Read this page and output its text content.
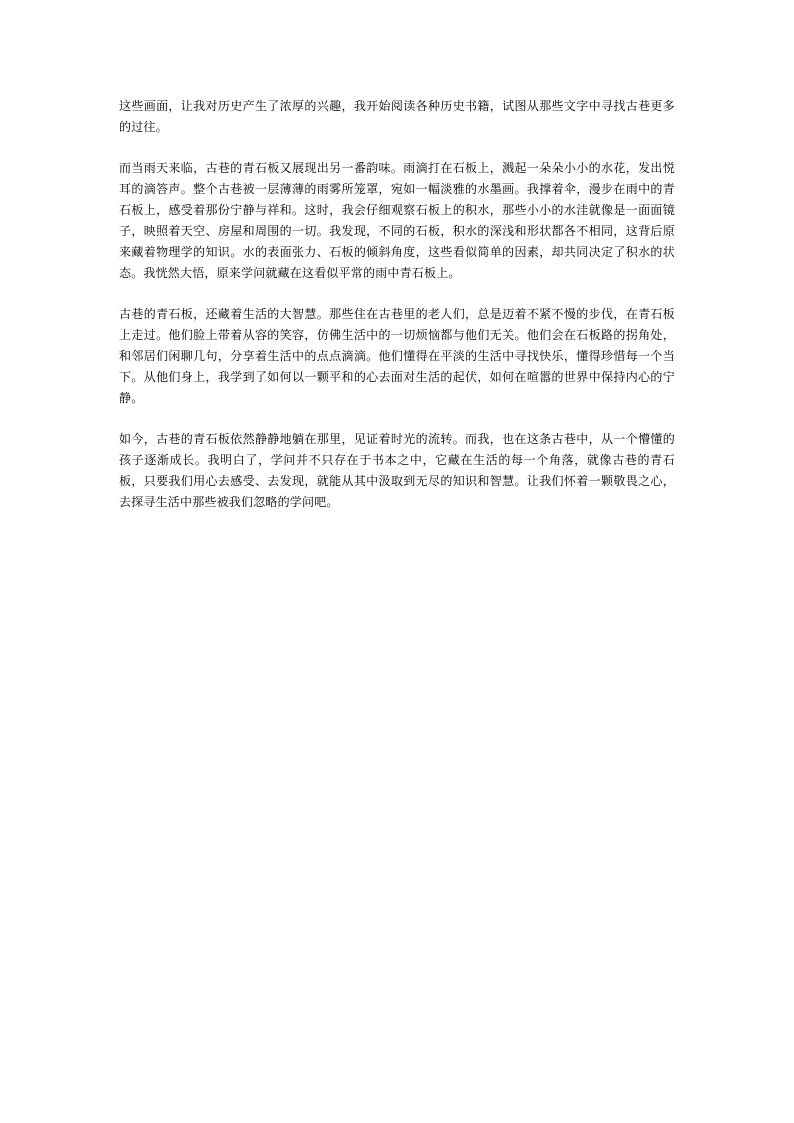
这些画面，让我对历史产生了浓厚的兴趣，我开始阅读各种历史书籍，试图从那些文字中寻找古巷更多的过往。

而当雨天来临，古巷的青石板又展现出另一番韵味。雨滴打在石板上，溅起一朵朵小小的水花，发出悦耳的滴答声。整个古巷被一层薄薄的雨雾所笼罩，宛如一幅淡雅的水墨画。我撑着伞，漫步在雨中的青石板上，感受着那份宁静与祥和。这时，我会仔细观察石板上的积水，那些小小的水洼就像是一面面镜子，映照着天空、房屋和周围的一切。我发现，不同的石板，积水的深浅和形状都各不相同，这背后原来藏着物理学的知识。水的表面张力、石板的倾斜角度，这些看似简单的因素，却共同决定了积水的状态。我恍然大悟，原来学问就藏在这看似平常的雨中青石板上。

古巷的青石板，还藏着生活的大智慧。那些住在古巷里的老人们，总是迈着不紧不慢的步伐，在青石板上走过。他们脸上带着从容的笑容，仿佛生活中的一切烦恼都与他们无关。他们会在石板路的拐角处，和邻居们闲聊几句，分享着生活中的点点滴滴。他们懂得在平淡的生活中寻找快乐，懂得珍惜每一个当下。从他们身上，我学到了如何以一颗平和的心去面对生活的起伏，如何在喧嚣的世界中保持内心的宁静。

如今，古巷的青石板依然静静地躺在那里，见证着时光的流转。而我，也在这条古巷中，从一个懵懂的孩子逐渐成长。我明白了，学问并不只存在于书本之中，它藏在生活的每一个角落，就像古巷的青石板，只要我们用心去感受、去发现，就能从其中汲取到无尽的知识和智慧。让我们怀着一颗敬畏之心，去探寻生活中那些被我们忽略的学问吧。
